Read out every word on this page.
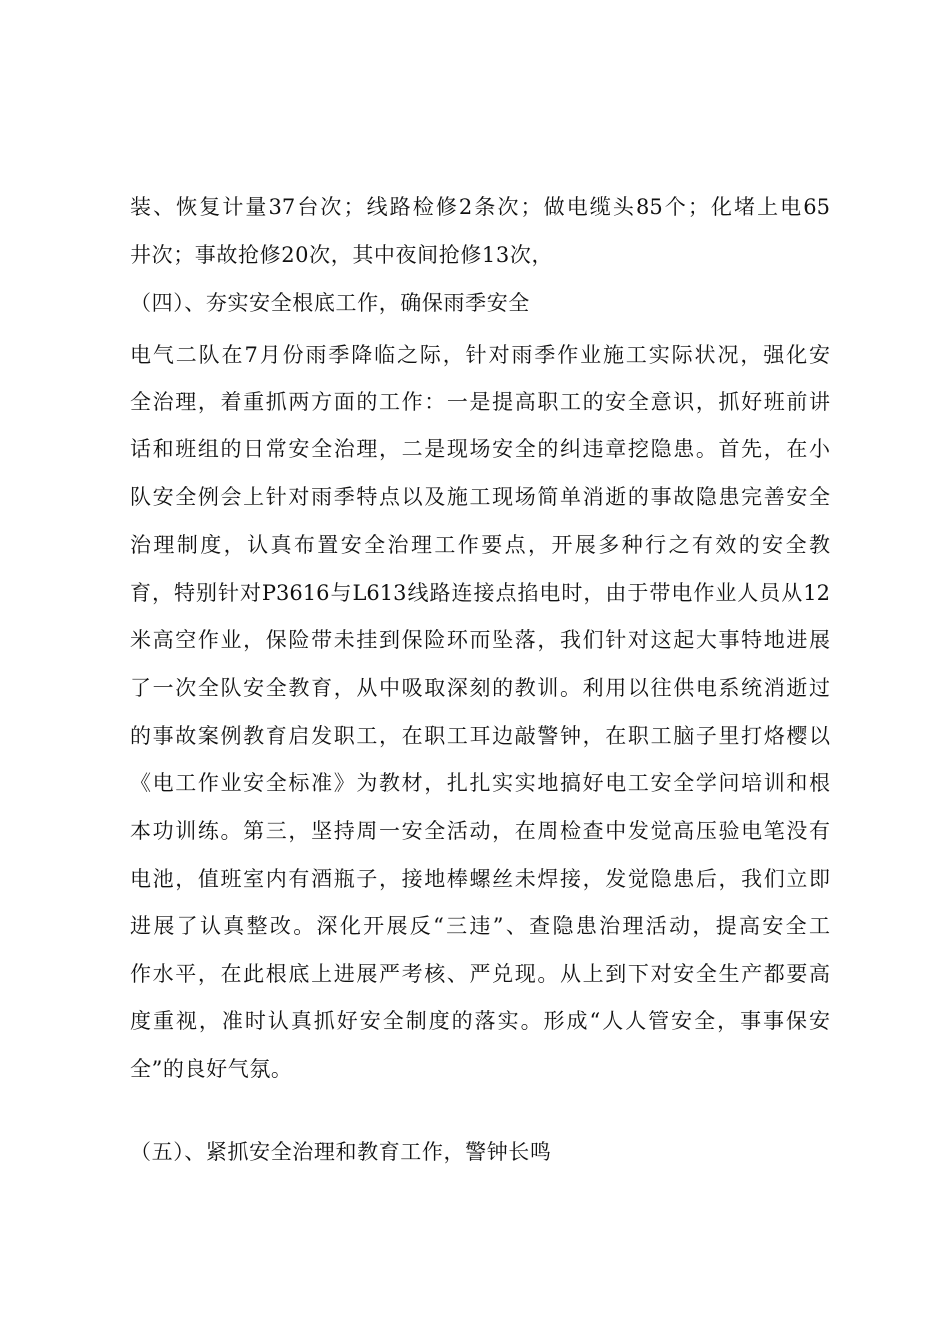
装、恢复计量37台次；线路检修2条次；做电缆头85个；化堵上电65
井次；事故抢修20次，其中夜间抢修13次，
（四）、夯实安全根底工作，确保雨季安全
电气二队在7月份雨季降临之际，针对雨季作业施工实际状况，强化安
全治理，着重抓两方面的工作：一是提高职工的安全意识，抓好班前讲
话和班组的日常安全治理，二是现场安全的纠违章挖隐患。首先，在小
队安全例会上针对雨季特点以及施工现场简单消逝的事故隐患完善安全
治理制度，认真布置安全治理工作要点，开展多种行之有效的安全教
育，特别针对P3616与L613线路连接点掐电时，由于带电作业人员从12
米高空作业，保险带未挂到保险环而坠落，我们针对这起大事特地进展
了一次全队安全教育，从中吸取深刻的教训。利用以往供电系统消逝过
的事故案例教育启发职工，在职工耳边敲警钟，在职工脑子里打烙樱以
《电工作业安全标准》为教材，扎扎实实地搞好电工安全学问培训和根
本功训练。第三，坚持周一安全活动，在周检查中发觉高压验电笔没有
电池，值班室内有酒瓶子，接地棒螺丝未焊接，发觉隐患后，我们立即
进展了认真整改。深化开展反“三违”、查隐患治理活动，提高安全工
作水平，在此根底上进展严考核、严兑现。从上到下对安全生产都要高
度重视，准时认真抓好安全制度的落实。形成“人人管安全，事事保安
全”的良好气氛。
（五）、紧抓安全治理和教育工作，警钟长鸣
